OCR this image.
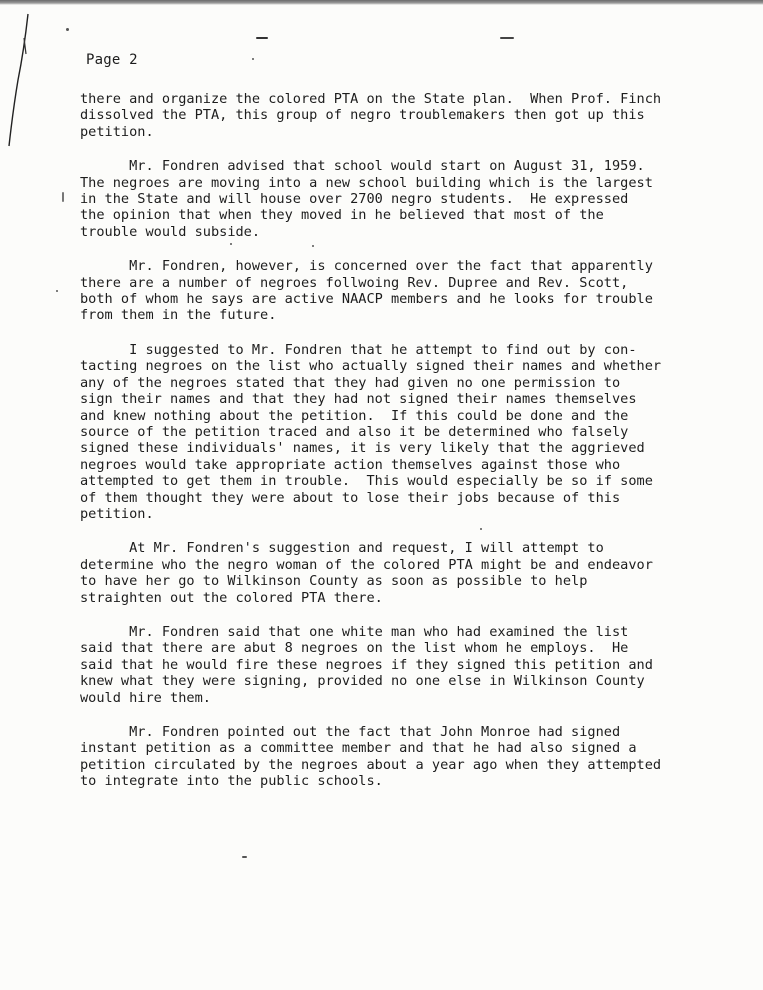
Page 2
there and organize the colored PTA on the State plan.  When Prof. Finch
dissolved the PTA, this group of negro troublemakers then got up this
petition.
Mr. Fondren advised that school would start on August 31, 1959.
The negroes are moving into a new school building which is the largest
in the State and will house over 2700 negro students.  He expressed
the opinion that when they moved in he believed that most of the
trouble would subside.
Mr. Fondren, however, is concerned over the fact that apparently
there are a number of negroes follwoing Rev. Dupree and Rev. Scott,
both of whom he says are active NAACP members and he looks for trouble
from them in the future.
I suggested to Mr. Fondren that he attempt to find out by con-
tacting negroes on the list who actually signed their names and whether
any of the negroes stated that they had given no one permission to
sign their names and that they had not signed their names themselves
and knew nothing about the petition.  If this could be done and the
source of the petition traced and also it be determined who falsely
signed these individuals' names, it is very likely that the aggrieved
negroes would take appropriate action themselves against those who
attempted to get them in trouble.  This would especially be so if some
of them thought they were about to lose their jobs because of this
petition.
At Mr. Fondren's suggestion and request, I will attempt to
determine who the negro woman of the colored PTA might be and endeavor
to have her go to Wilkinson County as soon as possible to help
straighten out the colored PTA there.
Mr. Fondren said that one white man who had examined the list
said that there are abut 8 negroes on the list whom he employs.  He
said that he would fire these negroes if they signed this petition and
knew what they were signing, provided no one else in Wilkinson County
would hire them.
Mr. Fondren pointed out the fact that John Monroe had signed
instant petition as a committee member and that he had also signed a
petition circulated by the negroes about a year ago when they attempted
to integrate into the public schools.
